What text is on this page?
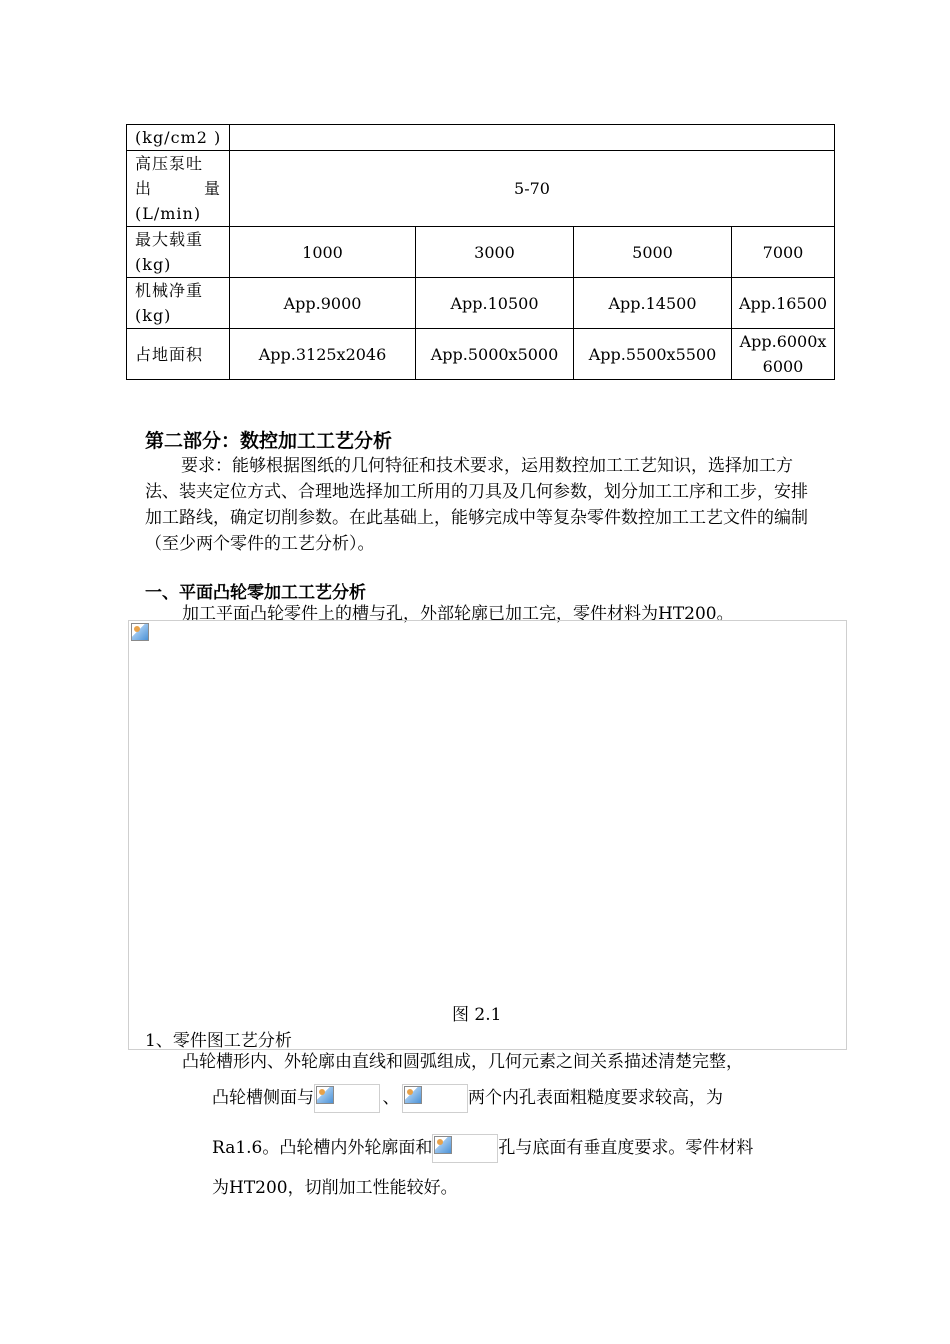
(kg/cm2 )				

高压泵吐
出 量
(L/min)	5-70			
最大载重(kg)	1000	3000	5000	7000
机械净重(kg)	App.9000	App.10500	App.14500	App.16500
占地面积	App.3125x2046	App.5000x5000	App.5500x5500	App.6000x6000
第二部分：数控加工工艺分析
要求：能够根据图纸的几何特征和技术要求，运用数控加工工艺知识，选择加工方法、装夹定位方式、合理地选择加工所用的刀具及几何参数，划分加工工序和工步，安排加工路线，确定切削参数。在此基础上，能够完成中等复杂零件数控加工工艺文件的编制（至少两个零件的工艺分析）。
一、平面凸轮零加工工艺分析
加工平面凸轮零件上的槽与孔，外部轮廓已加工完，零件材料为HT200。
图 2.1
1、零件图工艺分析
凸轮槽形内、外轮廓由直线和圆弧组成，几何元素之间关系描述清楚完整，
凸轮槽侧面与	、	两个内孔表面粗糙度要求较高，为
Ra1.6。凸轮槽内外轮廓面和	孔与底面有垂直度要求。零件材料
为HT200，切削加工性能较好。
